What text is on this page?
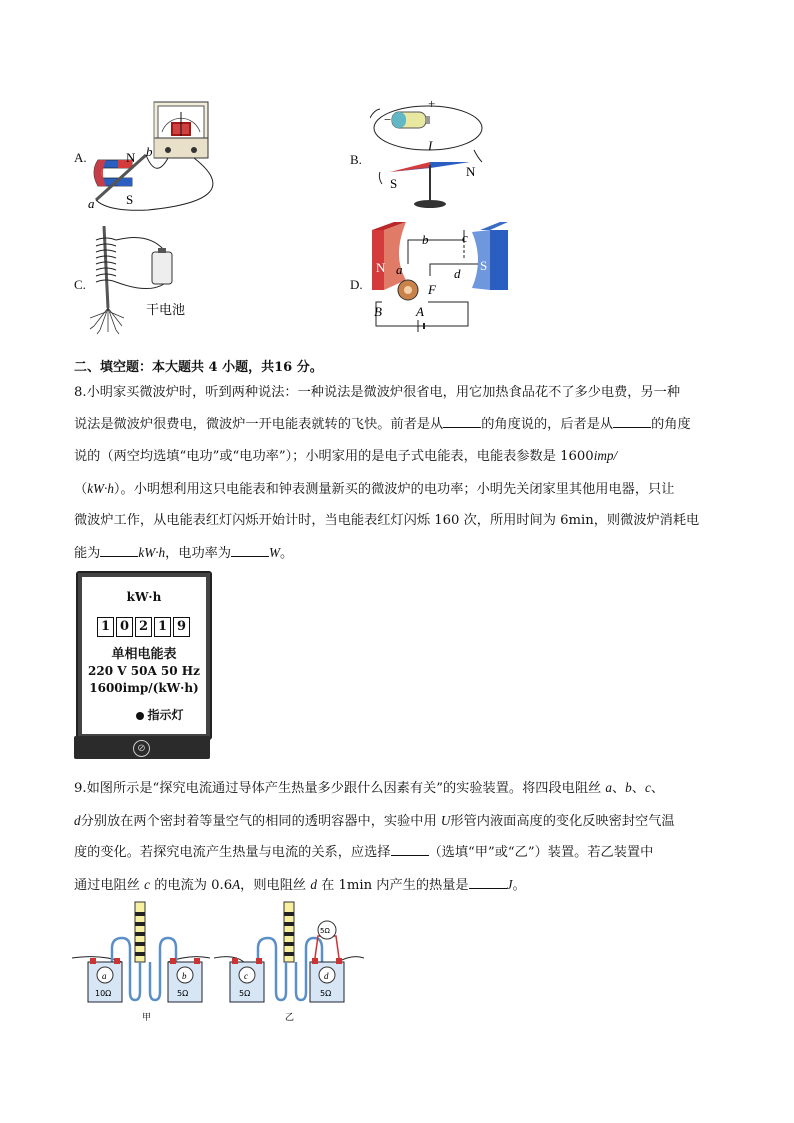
A.	N b
S
a
B.
+
−
I
S
N
C.
干电池
D.
N	S
a
b	c
d
F
B	A
二、填空题：本大题共 4 小题，共16 分。
8.小明家买微波炉时，听到两种说法：一种说法是微波炉很省电，用它加热食品花不了多少电费，另一种
说法是微波炉很费电，微波炉一开电能表就转的飞快。前者是从	的角度说的，后者是从	的角度
说的（两空均选填“电功”或“电功率”）；小明家用的是电子式电能表，电能表参数是 1600imp/
（kW·h）。小明想利用这只电能表和钟表测量新买的微波炉的电功率；小明先关闭家里其他用电器，只让
微波炉工作，从电能表红灯闪烁开始计时，当电能表红灯闪烁 160 次，所用时间为 6min，则微波炉消耗电
能为	kW·h，电功率为	W。
kW·h
1 0 2 1 9
单相电能表
220 V 50A 50 Hz
1600imp/(kW·h)
指示灯
⊘
9.如图所示是“探究电流通过导体产生热量多少跟什么因素有关”的实验装置。将四段电阻丝 a、b、c、
d分别放在两个密封着等量空气的相同的透明容器中，实验中用 U形管内液面高度的变化反映密封空气温
度的变化。若探究电流产生热量与电流的关系，应选择	（选填“甲”或“乙”）装置。若乙装置中
通过电阻丝 c 的电流为 0.6A，则电阻丝 d 在 1min 内产生的热量是	J。
a	b
10Ω	5Ω
甲
5Ω
c	d
5Ω	5Ω
乙
